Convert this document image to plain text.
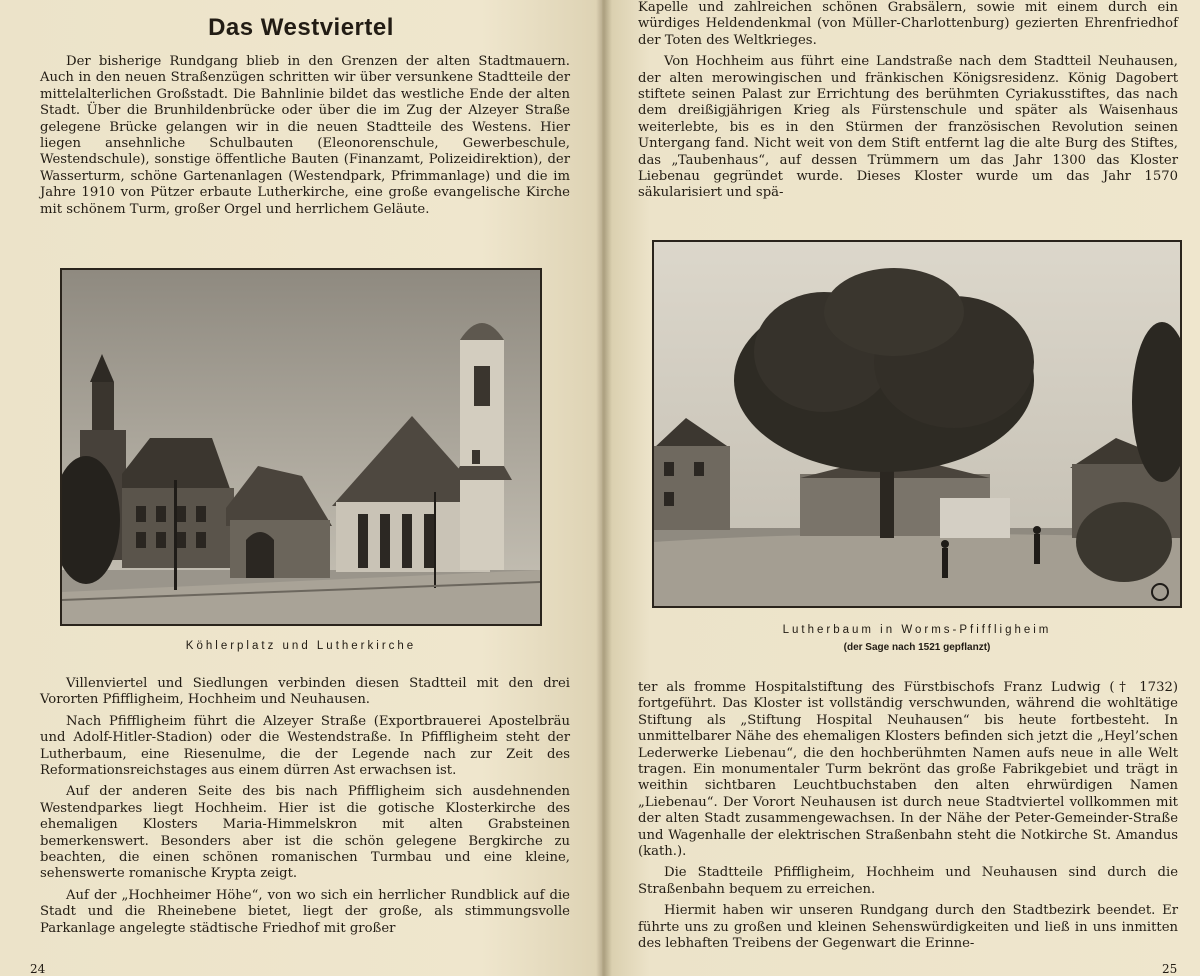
Das Westviertel

Der bisherige Rundgang blieb in den Grenzen der alten Stadtmauern. Auch in den neuen Straßenzügen schritten wir über versunkene Stadtteile der mittelalterlichen Großstadt. Die Bahnlinie bildet das westliche Ende der alten Stadt. Über die Brunhildenbrücke oder über die im Zug der Alzeyer Straße gelegene Brücke gelangen wir in die neuen Stadtteile des Westens. Hier liegen ansehnliche Schulbauten (Eleonorenschule, Gewerbeschule, Westendschule), sonstige öffentliche Bauten (Finanzamt, Polizeidirektion), der Wasserturm, schöne Gartenanlagen (Westendpark, Pfrimmanlage) und die im Jahre 1910 von Pützer erbaute Lutherkirche, eine große evangelische Kirche mit schönem Turm, großer Orgel und herrlichem Geläute.

Köhlerplatz und Lutherkirche

Villenviertel und Siedlungen verbinden diesen Stadtteil mit den drei Vororten Pfiffligheim, Hochheim und Neuhausen.

Nach Pfiffligheim führt die Alzeyer Straße (Exportbrauerei Apostelbräu und Adolf-Hitler-Stadion) oder die Westendstraße. In Pfiffligheim steht der Lutherbaum, eine Riesenulme, die der Legende nach zur Zeit des Reformationsreichstages aus einem dürren Ast erwachsen ist.

Auf der anderen Seite des bis nach Pfiffligheim sich ausdehnenden Westendparkes liegt Hochheim. Hier ist die gotische Klosterkirche des ehemaligen Klosters Maria-Himmelskron mit alten Grabsteinen bemerkenswert. Besonders aber ist die schön gelegene Bergkirche zu beachten, die einen schönen romanischen Turmbau und eine kleine, sehenswerte romanische Krypta zeigt.

Auf der „Hochheimer Höhe“, von wo sich ein herrlicher Rundblick auf die Stadt und die Rheinebene bietet, liegt der große, als stimmungsvolle Parkanlage angelegte städtische Friedhof mit großer

24

Kapelle und zahlreichen schönen Grabsälern, sowie mit einem durch ein würdiges Heldendenkmal (von Müller-Charlottenburg) gezierten Ehrenfriedhof der Toten des Weltkrieges.

Von Hochheim aus führt eine Landstraße nach dem Stadtteil Neuhausen, der alten merowingischen und fränkischen Königsresidenz. König Dagobert stiftete seinen Palast zur Errichtung des berühmten Cyriakusstiftes, das nach dem dreißigjährigen Krieg als Fürstenschule und später als Waisenhaus weiterlebte, bis es in den Stürmen der französischen Revolution seinen Untergang fand. Nicht weit von dem Stift entfernt lag die alte Burg des Stiftes, das „Taubenhaus“, auf dessen Trümmern um das Jahr 1300 das Kloster Liebenau gegründet wurde. Dieses Kloster wurde um das Jahr 1570 säkularisiert und spä-

Lutherbaum in Worms-Pfiffligheim
(der Sage nach 1521 gepflanzt)

ter als fromme Hospitalstiftung des Fürstbischofs Franz Ludwig († 1732) fortgeführt. Das Kloster ist vollständig verschwunden, während die wohltätige Stiftung als „Stiftung Hospital Neuhausen“ bis heute fortbesteht. In unmittelbarer Nähe des ehemaligen Klosters befinden sich jetzt die „Heyl’schen Lederwerke Liebenau“, die den hochberühmten Namen aufs neue in alle Welt tragen. Ein monumentaler Turm bekrönt das große Fabrikgebiet und trägt in weithin sichtbaren Leuchtbuchstaben den alten ehrwürdigen Namen „Liebenau“. Der Vorort Neuhausen ist durch neue Stadtviertel vollkommen mit der alten Stadt zusammengewachsen. In der Nähe der Peter-Gemeinder-Straße und Wagenhalle der elektrischen Straßenbahn steht die Notkirche St. Amandus (kath.).

Die Stadtteile Pfiffligheim, Hochheim und Neuhausen sind durch die Straßenbahn bequem zu erreichen.

Hiermit haben wir unseren Rundgang durch den Stadtbezirk beendet. Er führte uns zu großen und kleinen Sehenswürdigkeiten und ließ in uns inmitten des lebhaften Treibens der Gegenwart die Erinne-

25
